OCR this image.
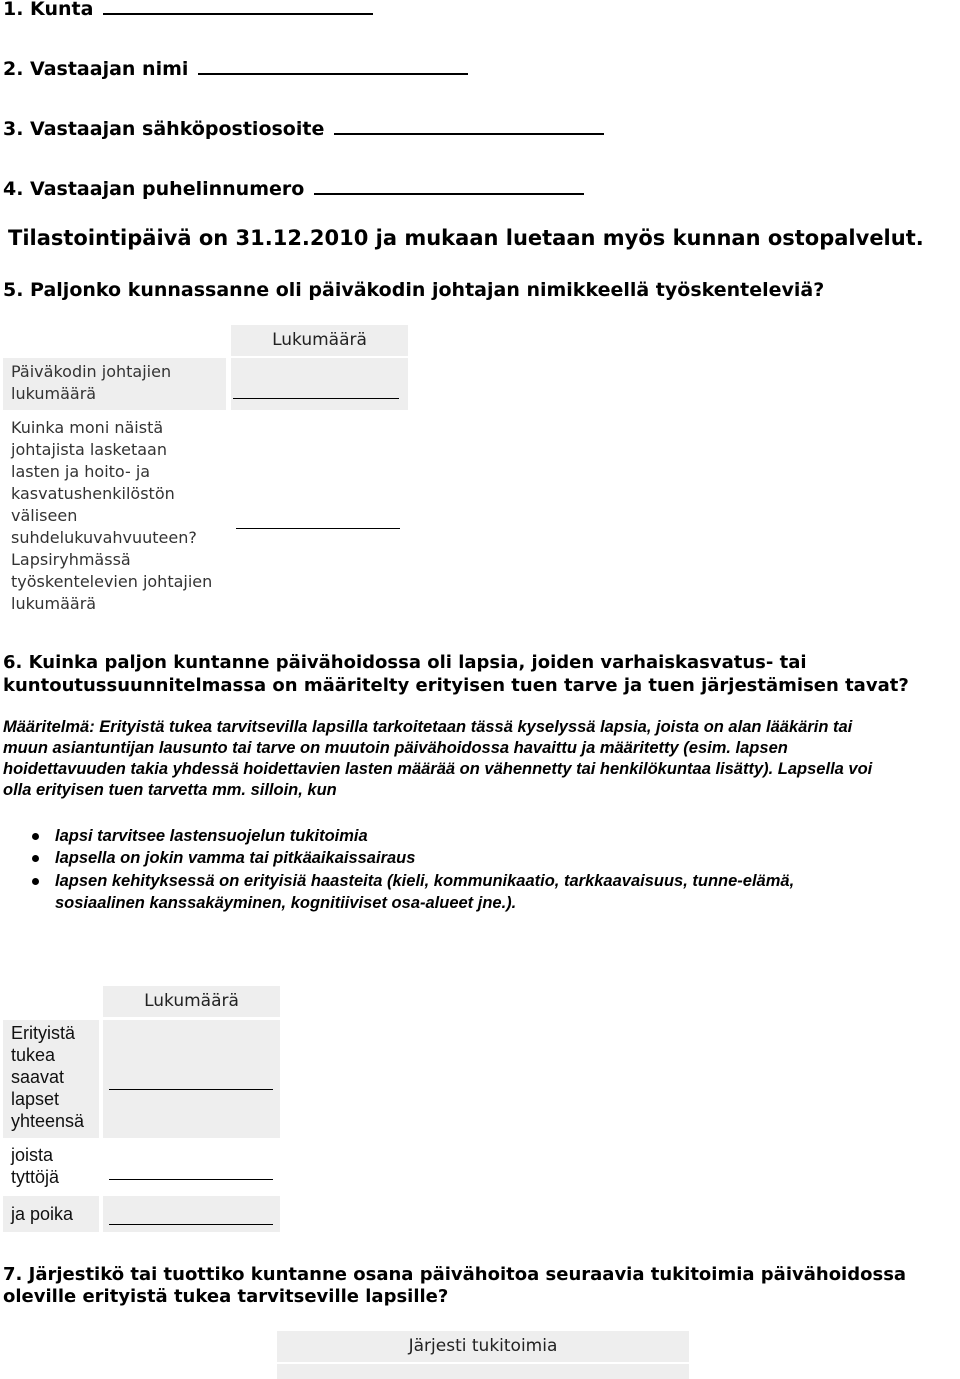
1. Kunta
2. Vastaajan nimi
3. Vastaajan sähköpostiosoite
4. Vastaajan puhelinnumero
Tilastointipäivä on 31.12.2010 ja mukaan luetaan myös kunnan ostopalvelut.
5. Paljonko kunnassanne oli päiväkodin johtajan nimikkeellä työskenteleviä?
Lukumäärä
Päiväkodin johtajien lukumäärä
Kuinka moni näistä johtajista lasketaan lasten ja hoito- ja kasvatushenkilöstön väliseen suhdelukuvahvuuteen? Lapsiryhmässä työskentelevien johtajien lukumäärä
6. Kuinka paljon kuntanne päivähoidossa oli lapsia, joiden varhaiskasvatus- tai
kuntoutussuunnitelmassa on määritelty erityisen tuen tarve ja tuen järjestämisen tavat?
Määritelmä: Erityistä tukea tarvitsevilla lapsilla tarkoitetaan tässä kyselyssä lapsia, joista on alan lääkärin tai
muun asiantuntijan lausunto tai tarve on muutoin päivähoidossa havaittu ja määritetty (esim. lapsen
hoidettavuuden takia yhdessä hoidettavien lasten määrää on vähennetty tai henkilökuntaa lisätty). Lapsella voi
olla erityisen tuen tarvetta mm. silloin, kun
lapsi tarvitsee lastensuojelun tukitoimia
lapsella on jokin vamma tai pitkäaikaissairaus
lapsen kehityksessä on erityisiä haasteita (kieli, kommunikaatio, tarkkaavaisuus, tunne-elämä,
sosiaalinen kanssakäyminen, kognitiiviset osa-alueet jne.).
Lukumäärä
Erityistä tukea saavat lapset yhteensä
joista tyttöjä
ja poika
7. Järjestikö tai tuottiko kuntanne osana päivähoitoa seuraavia tukitoimia päivähoidossa
oleville erityistä tukea tarvitseville lapsille?
Järjesti tukitoimia
